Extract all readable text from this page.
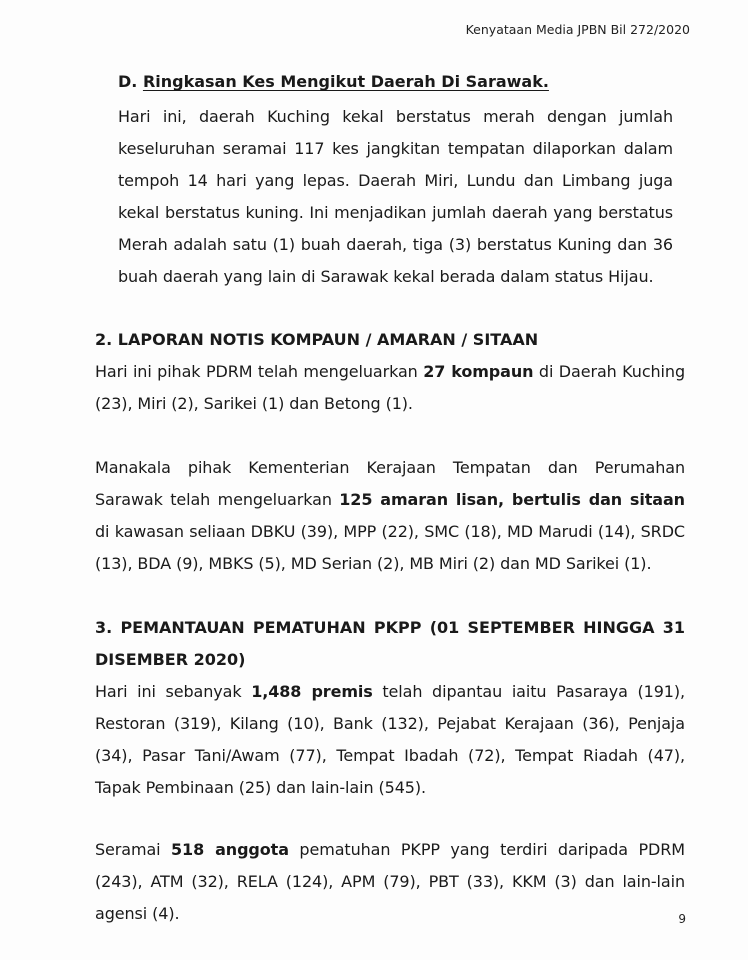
Kenyataan Media JPBN Bil 272/2020

D. Ringkasan Kes Mengikut Daerah Di Sarawak.

Hari ini, daerah Kuching kekal berstatus merah dengan jumlah keseluruhan seramai 117 kes jangkitan tempatan dilaporkan dalam tempoh 14 hari yang lepas. Daerah Miri, Lundu dan Limbang juga kekal berstatus kuning. Ini menjadikan jumlah daerah yang berstatus Merah adalah satu (1) buah daerah, tiga (3) berstatus Kuning dan 36 buah daerah yang lain di Sarawak kekal berada dalam status Hijau.

2. LAPORAN NOTIS KOMPAUN / AMARAN / SITAAN

Hari ini pihak PDRM telah mengeluarkan 27 kompaun di Daerah Kuching (23), Miri (2), Sarikei (1) dan Betong (1).

Manakala pihak Kementerian Kerajaan Tempatan dan Perumahan Sarawak telah mengeluarkan 125 amaran lisan, bertulis dan sitaan di kawasan seliaan DBKU (39), MPP (22), SMC (18), MD Marudi (14), SRDC (13), BDA (9), MBKS (5), MD Serian (2), MB Miri (2) dan MD Sarikei (1).

3. PEMANTAUAN PEMATUHAN PKPP (01 SEPTEMBER HINGGA 31 DISEMBER 2020)

Hari ini sebanyak 1,488 premis telah dipantau iaitu Pasaraya (191), Restoran (319), Kilang (10), Bank (132), Pejabat Kerajaan (36), Penjaja (34), Pasar Tani/Awam (77), Tempat Ibadah (72), Tempat Riadah (47), Tapak Pembinaan (25) dan lain-lain (545).

Seramai 518 anggota pematuhan PKPP yang terdiri daripada PDRM (243), ATM (32), RELA (124), APM (79), PBT (33), KKM (3) dan lain-lain agensi (4).	9
